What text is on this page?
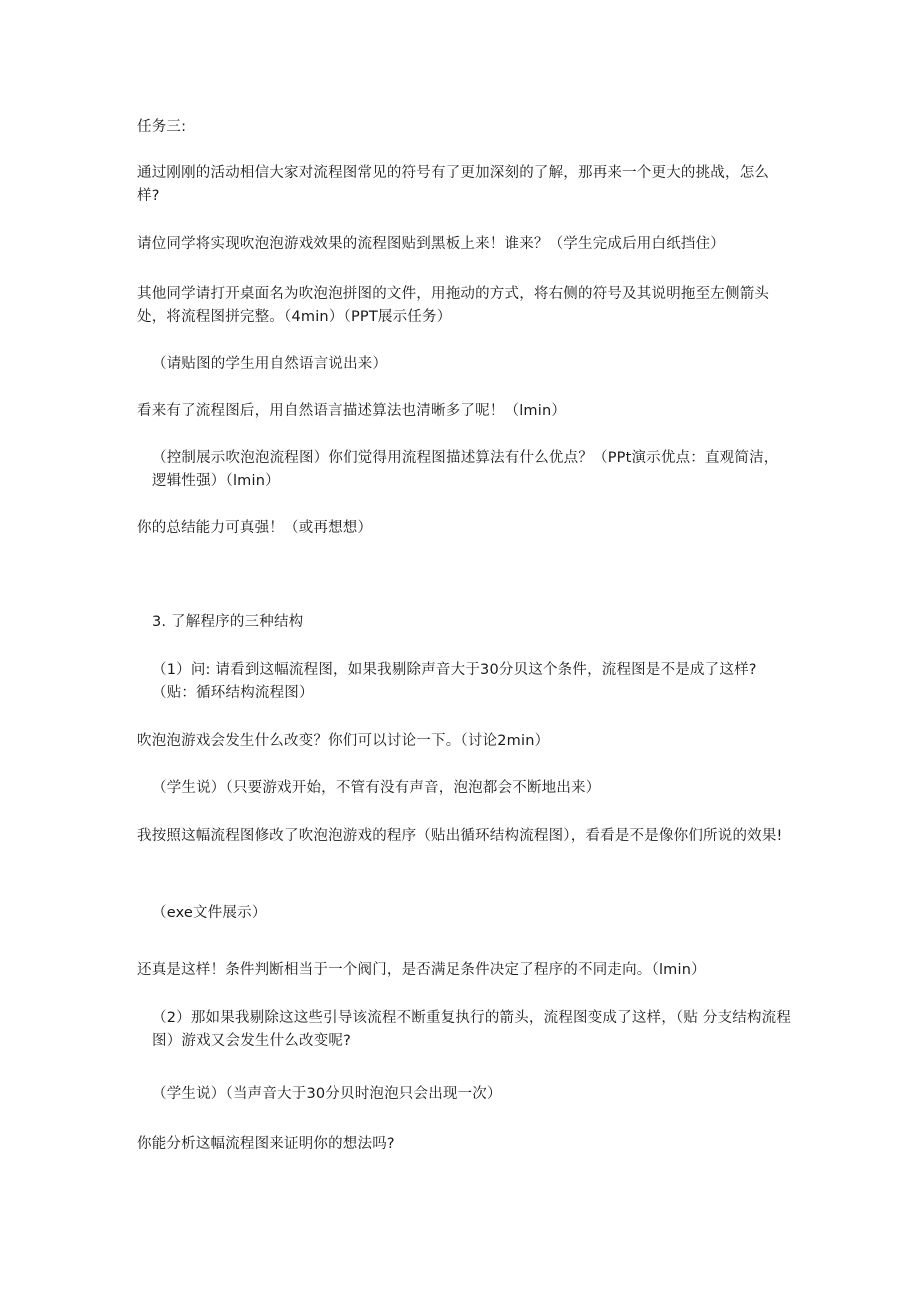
任务三:

通过刚刚的活动相信大家对流程图常见的符号有了更加深刻的了解，那再来一个更大的挑战，怎么样?

请位同学将实现吹泡泡游戏效果的流程图贴到黑板上来！谁来？（学生完成后用白纸挡住）

其他同学请打开桌面名为吹泡泡拼图的文件，用拖动的方式，将右侧的符号及其说明拖至左侧箭头处，将流程图拼完整。（4min）（PPT展示任务）

（请贴图的学生用自然语言说出来）

看来有了流程图后，用自然语言描述算法也清晰多了呢！（lmin）

（控制展示吹泡泡流程图）你们觉得用流程图描述算法有什么优点？（PPt演示优点：直观简洁，逻辑性强）（lmin）

你的总结能力可真强！（或再想想）

3. 了解程序的三种结构

（1）问: 请看到这幅流程图，如果我剔除声音大于30分贝这个条件，流程图是不是成了这样?（贴：循环结构流程图）

吹泡泡游戏会发生什么改变？你们可以讨论一下。（讨论2min）

（学生说）（只要游戏开始，不管有没有声音，泡泡都会不断地出来）

我按照这幅流程图修改了吹泡泡游戏的程序（贴出循环结构流程图），看看是不是像你们所说的效果!

（exe文件展示）

还真是这样！条件判断相当于一个阀门，是否满足条件决定了程序的不同走向。（lmin）

（2）那如果我剔除这这些引导该流程不断重复执行的箭头，流程图变成了这样，（贴 分支结构流程图）游戏又会发生什么改变呢?

（学生说）（当声音大于30分贝时泡泡只会出现一次）

你能分析这幅流程图来证明你的想法吗?
